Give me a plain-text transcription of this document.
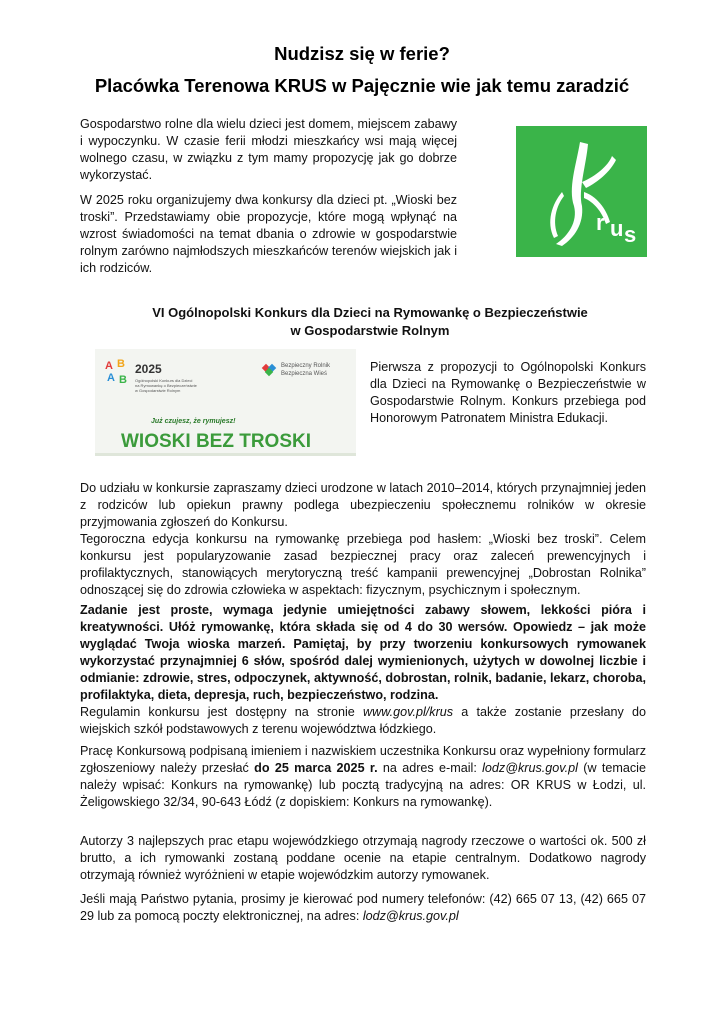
Nudzisz się w ferie?
Placówka Terenowa KRUS w Pajęcznie wie jak temu zaradzić

Gospodarstwo rolne dla wielu dzieci jest domem, miejscem zabawy i wypoczynku. W czasie ferii młodzi mieszkańcy wsi mają więcej wolnego czasu, w związku z tym mamy propozycję jak go dobrze wykorzystać.

W 2025 roku organizujemy dwa konkursy dla dzieci pt. „Wioski bez troski”. Przedstawiamy obie propozycje, które mogą wpłynąć na wzrost świadomości na temat dbania o zdrowie w gospodarstwie rolnym zarówno najmłodszych mieszkańców terenów wiejskich jak i ich rodziców.

r u s
VI Ogólnopolski Konkurs dla Dzieci na Rymowankę o Bezpieczeństwie
w Gospodarstwie Rolnym
A B
A B
2025
Ogólnopolski Konkurs dla Dzieci
na Rymowankę o Bezpieczeństwie
w Gospodarstwie Rolnym
Bezpieczny Rolnik
Bezpieczna Wieś
Już czujesz, że rymujesz!
WIOSKI BEZ TROSKI

Pierwsza z propozycji to Ogólnopolski Konkurs dla Dzieci na Rymowankę o Bezpieczeństwie w Gospodarstwie Rolnym. Konkurs przebiega pod Honorowym Patronatem Ministra Edukacji.

Do udziału w konkursie zapraszamy dzieci urodzone w latach 2010–2014, których przynajmniej jeden z rodziców lub opiekun prawny podlega ubezpieczeniu społecznemu rolników w okresie przyjmowania zgłoszeń do Konkursu.

Tegoroczna edycja konkursu na rymowankę przebiega pod hasłem: „Wioski bez troski”. Celem konkursu jest popularyzowanie zasad bezpiecznej pracy oraz zaleceń prewencyjnych i profilaktycznych, stanowiących merytoryczną treść kampanii prewencyjnej „Dobrostan Rolnika” odnoszącej się do zdrowia człowieka w aspektach: fizycznym, psychicznym i społecznym.

Zadanie jest proste, wymaga jedynie umiejętności zabawy słowem, lekkości pióra i kreatywności. Ułóż rymowankę, która składa się od 4 do 30 wersów. Opowiedz – jak może wyglądać Twoja wioska marzeń. Pamiętaj, by przy tworzeniu konkursowych rymowanek wykorzystać przynajmniej 6 słów, spośród dalej wymienionych, użytych w dowolnej liczbie i odmianie: zdrowie, stres, odpoczynek, aktywność, dobrostan, rolnik, badanie, lekarz, choroba, profilaktyka, dieta, depresja, ruch, bezpieczeństwo, rodzina.

Regulamin konkursu jest dostępny na stronie www.gov.pl/krus a także zostanie przesłany do wiejskich szkół podstawowych z terenu województwa łódzkiego.

Pracę Konkursową podpisaną imieniem i nazwiskiem uczestnika Konkursu oraz wypełniony formularz zgłoszeniowy należy przesłać do 25 marca 2025 r. na adres e-mail: lodz@krus.gov.pl (w temacie należy wpisać: Konkurs na rymowankę) lub pocztą tradycyjną na adres: OR KRUS w Łodzi, ul. Żeligowskiego 32/34, 90-643 Łódź (z dopiskiem: Konkurs na rymowankę).

Autorzy 3 najlepszych prac etapu wojewódzkiego otrzymają nagrody rzeczowe o wartości ok. 500 zł brutto, a ich rymowanki zostaną poddane ocenie na etapie centralnym. Dodatkowo nagrody otrzymają również wyróżnieni w etapie wojewódzkim autorzy rymowanek.

Jeśli mają Państwo pytania, prosimy je kierować pod numery telefonów: (42) 665 07 13, (42) 665 07 29 lub za pomocą poczty elektronicznej, na adres: lodz@krus.gov.pl
